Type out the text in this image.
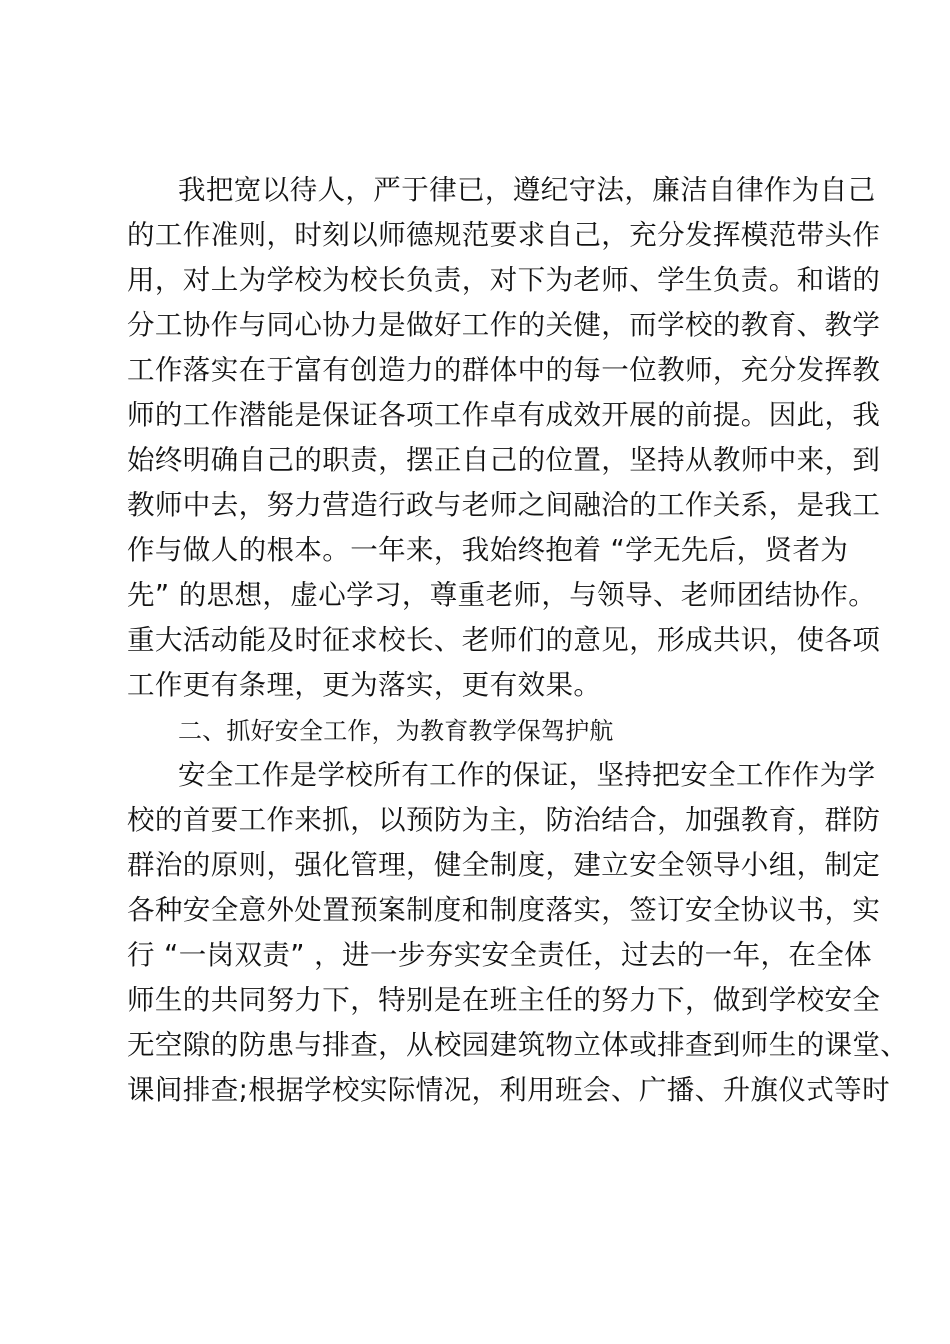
我把宽以待人，严于律已，遵纪守法，廉洁自律作为自己
的工作准则，时刻以师德规范要求自己，充分发挥模范带头作
用，对上为学校为校长负责，对下为老师、学生负责。和谐的
分工协作与同心协力是做好工作的关健，而学校的教育、教学
工作落实在于富有创造力的群体中的每一位教师，充分发挥教
师的工作潜能是保证各项工作卓有成效开展的前提。因此，我
始终明确自己的职责，摆正自己的位置，坚持从教师中来，到
教师中去，努力营造行政与老师之间融洽的工作关系，是我工
作与做人的根本。一年来，我始终抱着 “学无先后，贤者为
先” 的思想，虚心学习，尊重老师，与领导、老师团结协作。
重大活动能及时征求校长、老师们的意见，形成共识，使各项
工作更有条理，更为落实，更有效果。
二、抓好安全工作，为教育教学保驾护航
安全工作是学校所有工作的保证，坚持把安全工作作为学
校的首要工作来抓，以预防为主，防治结合，加强教育，群防
群治的原则，强化管理，健全制度，建立安全领导小组，制定
各种安全意外处置预案制度和制度落实，签订安全协议书，实
行 “一岗双责” ，进一步夯实安全责任，过去的一年，在全体
师生的共同努力下，特别是在班主任的努力下，做到学校安全
无空隙的防患与排查，从校园建筑物立体或排查到师生的课堂、
课间排查;根据学校实际情况，利用班会、广播、升旗仪式等时
